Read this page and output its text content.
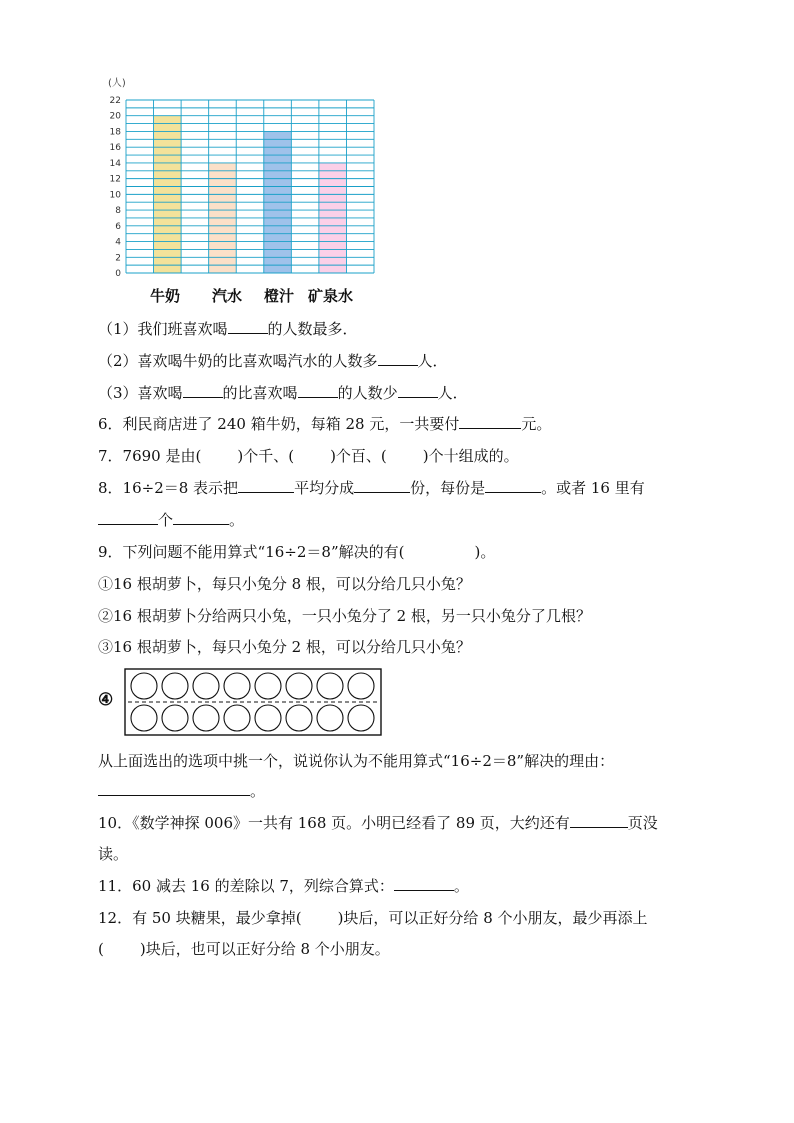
(人)
0
2
4
6
8
10
12
14
16
18
20
22
牛奶 汽水 橙汁 矿泉水
（1）我们班喜欢喝	的人数最多．
（2）喜欢喝牛奶的比喜欢喝汽水的人数多	人．
（3）喜欢喝	的比喜欢喝	的人数少	人．
6．利民商店进了 240 箱牛奶，每箱 28 元，一共要付	元。
7．7690 是由( )个千、( )个百、( )个十组成的。
8．16÷2＝8 表示把	平均分成	份，每份是	。或者 16 里有
个	。
9．下列问题不能用算式“16÷2＝8”解决的有(	)。
①16 根胡萝卜，每只小兔分 8 根，可以分给几只小兔？
②16 根胡萝卜分给两只小兔，一只小兔分了 2 根，另一只小兔分了几根？
③16 根胡萝卜，每只小兔分 2 根，可以分给几只小兔？
④
从上面选出的选项中挑一个，说说你认为不能用算式“16÷2＝8”解决的理由：
。
10．《数学神探 006》一共有 168 页。小明已经看了 89 页，大约还有	页没
读。
11．60 减去 16 的差除以 7，列综合算式：	。
12．有 50 块糖果，最少拿掉( )块后，可以正好分给 8 个小朋友，最少再添上
( )块后，也可以正好分给 8 个小朋友。
